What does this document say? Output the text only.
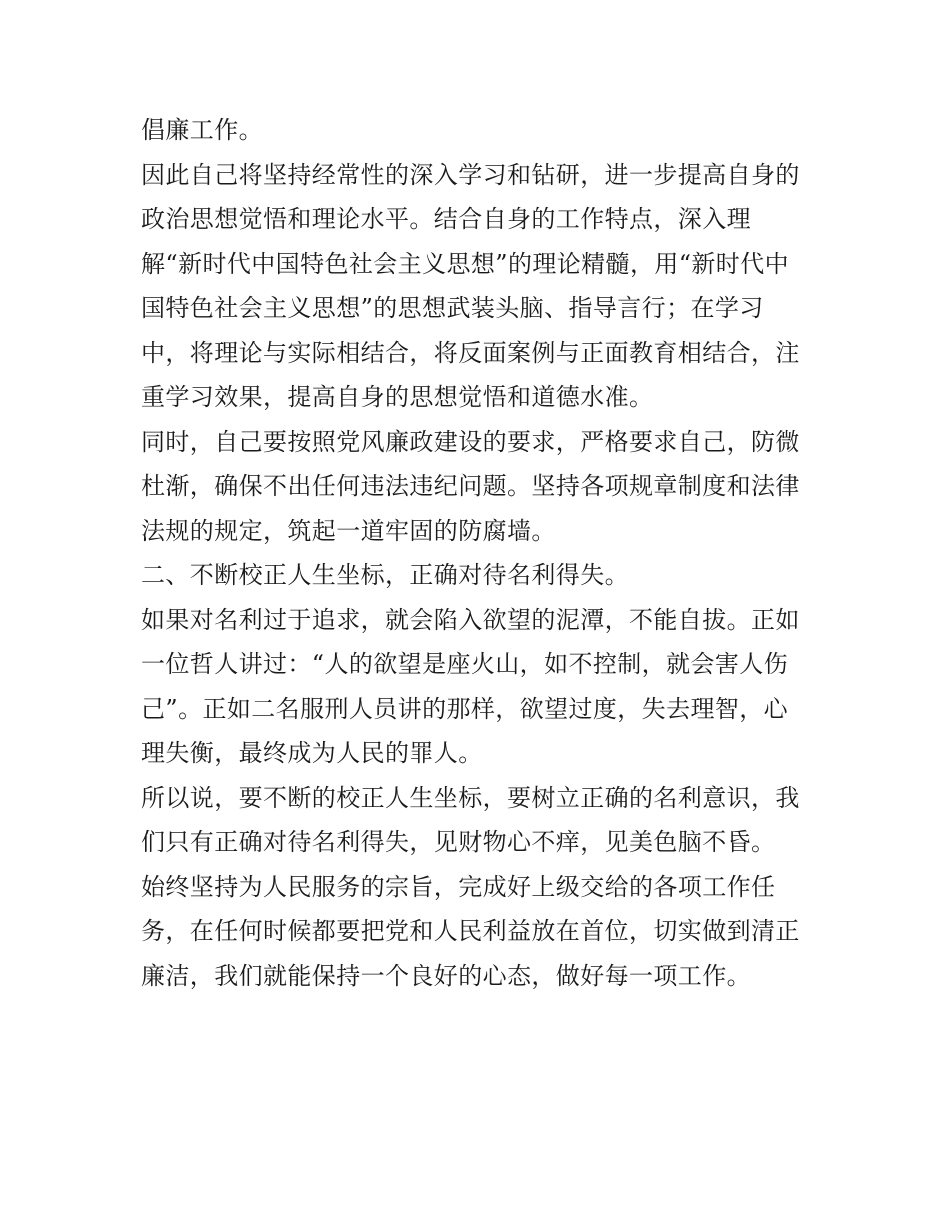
倡廉工作。
因此自己将坚持经常性的深入学习和钻研，进一步提高自身的
政治思想觉悟和理论水平。结合自身的工作特点，深入理
解“新时代中国特色社会主义思想”的理论精髓，用“新时代中
国特色社会主义思想”的思想武装头脑、指导言行；在学习
中，将理论与实际相结合，将反面案例与正面教育相结合，注
重学习效果，提高自身的思想觉悟和道德水准。
同时，自己要按照党风廉政建设的要求，严格要求自己，防微
杜渐，确保不出任何违法违纪问题。坚持各项规章制度和法律
法规的规定，筑起一道牢固的防腐墙。
二、不断校正人生坐标，正确对待名利得失。
如果对名利过于追求，就会陷入欲望的泥潭，不能自拔。正如
一位哲人讲过：“人的欲望是座火山，如不控制，就会害人伤
己”。正如二名服刑人员讲的那样，欲望过度，失去理智，心
理失衡，最终成为人民的罪人。
所以说，要不断的校正人生坐标，要树立正确的名利意识，我
们只有正确对待名利得失，见财物心不痒，见美色脑不昏。
始终坚持为人民服务的宗旨，完成好上级交给的各项工作任
务，在任何时候都要把党和人民利益放在首位，切实做到清正
廉洁，我们就能保持一个良好的心态，做好每一项工作。
